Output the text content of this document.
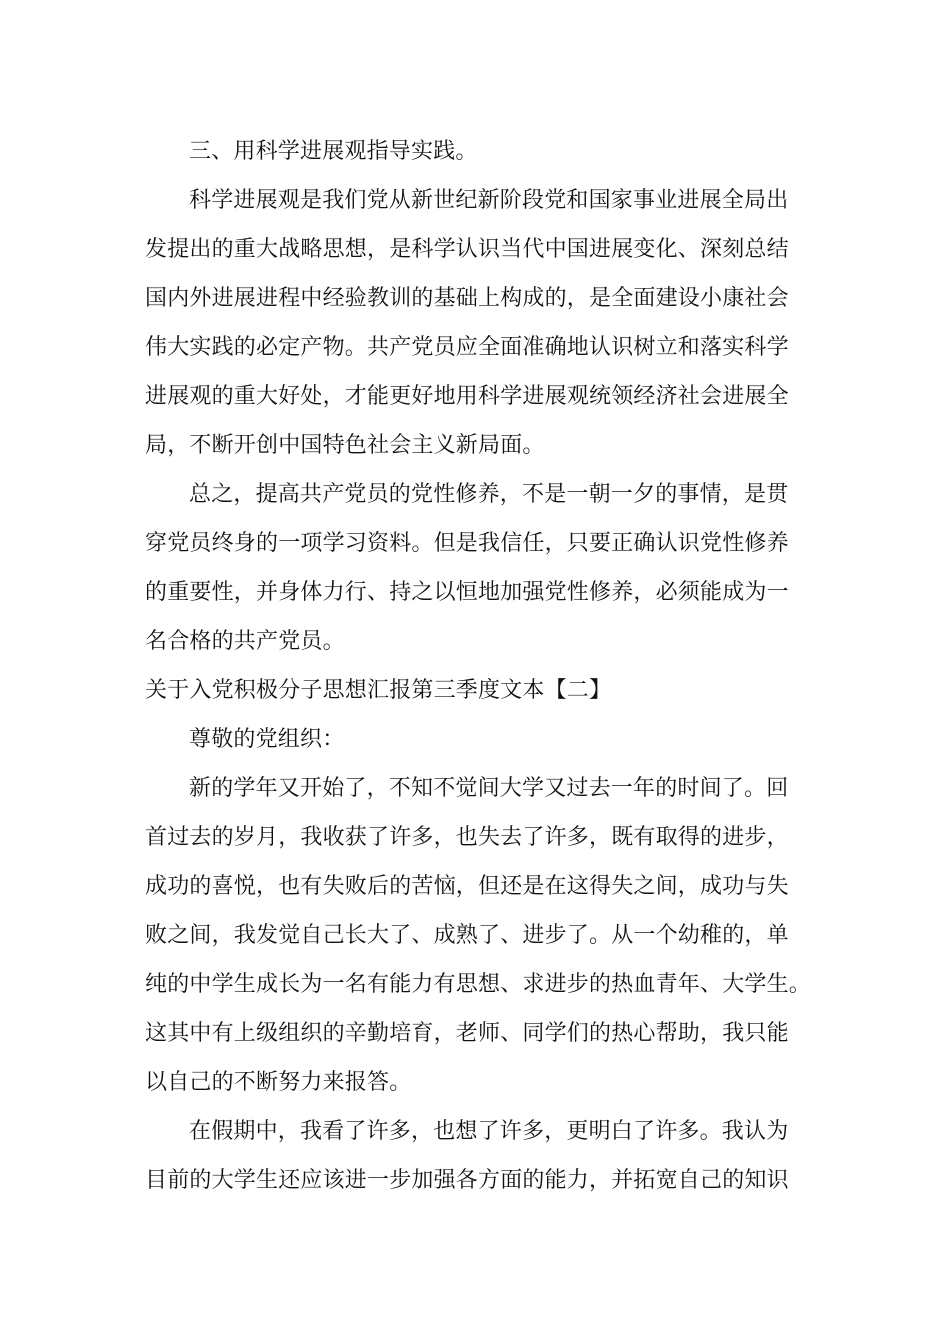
三、用科学进展观指导实践。
科学进展观是我们党从新世纪新阶段党和国家事业进展全局出
发提出的重大战略思想，是科学认识当代中国进展变化、深刻总结
国内外进展进程中经验教训的基础上构成的，是全面建设小康社会
伟大实践的必定产物。共产党员应全面准确地认识树立和落实科学
进展观的重大好处，才能更好地用科学进展观统领经济社会进展全
局，不断开创中国特色社会主义新局面。
总之，提高共产党员的党性修养，不是一朝一夕的事情，是贯
穿党员终身的一项学习资料。但是我信任，只要正确认识党性修养
的重要性，并身体力行、持之以恒地加强党性修养，必须能成为一
名合格的共产党员。
关于入党积极分子思想汇报第三季度文本【二】
尊敬的党组织：
新的学年又开始了，不知不觉间大学又过去一年的时间了。回
首过去的岁月，我收获了许多，也失去了许多，既有取得的进步，
成功的喜悦，也有失败后的苦恼，但还是在这得失之间，成功与失
败之间，我发觉自己长大了、成熟了、进步了。从一个幼稚的，单
纯的中学生成长为一名有能力有思想、求进步的热血青年、大学生。
这其中有上级组织的辛勤培育，老师、同学们的热心帮助，我只能
以自己的不断努力来报答。
在假期中，我看了许多，也想了许多，更明白了许多。我认为
目前的大学生还应该进一步加强各方面的能力，并拓宽自己的知识
